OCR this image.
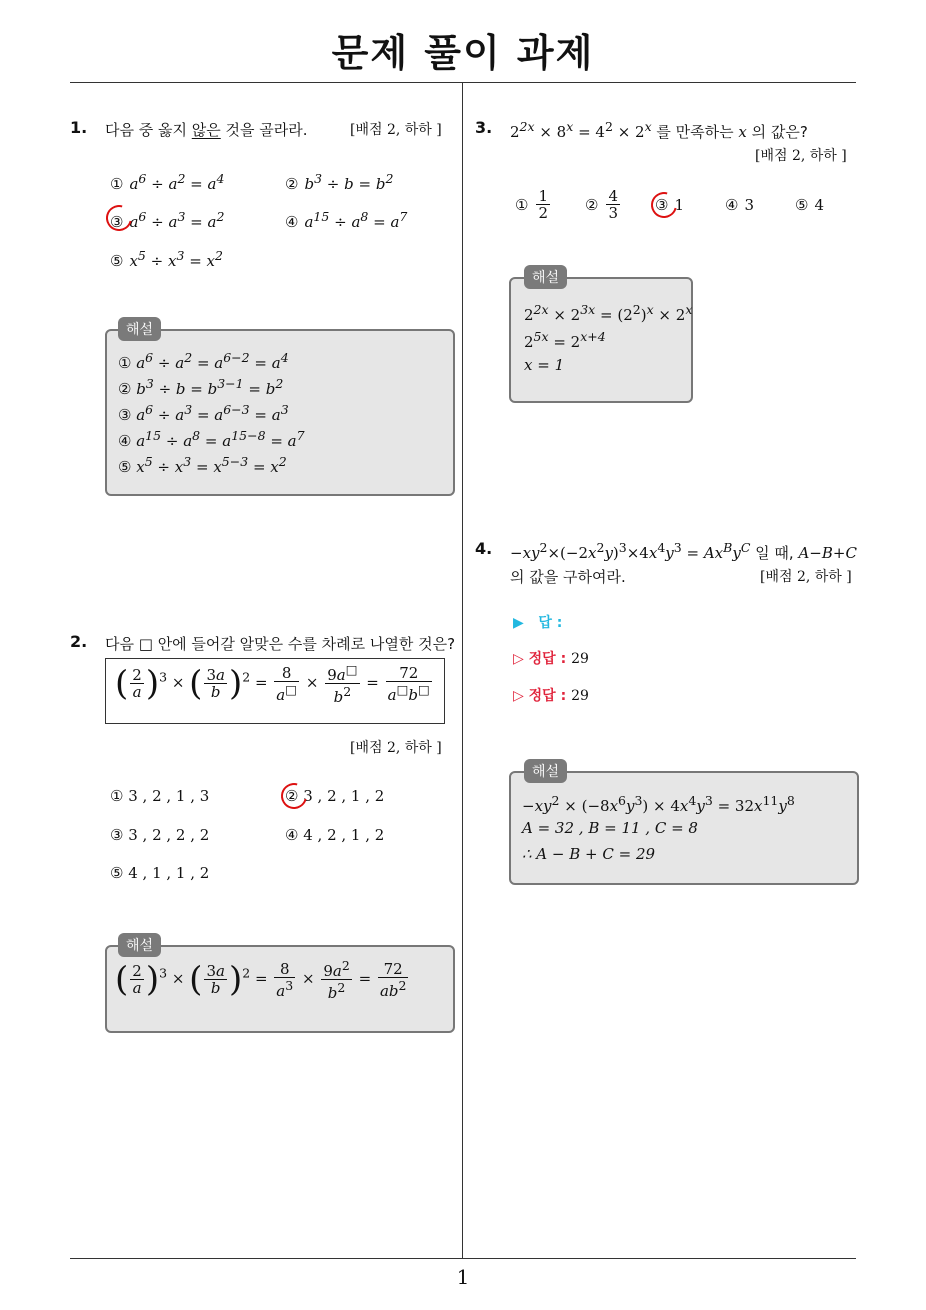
문제 풀이 과제
1
1. 다음 중 옳지 않은 것을 골라라.	[배점 2, 하하 ]
① $a^6 \div a^2 = a^4$	② $b^3 \div b = b^2$
③ $a^6 \div a^3 = a^2$	④ $a^{15} \div a^8 = a^7$
⑤ $x^5 \div x^3 = x^2$
해설
① $a^6 \div a^2 = a^{6-2} = a^4$
② $b^3 \div b = b^{3-1} = b^2$
③ $a^6 \div a^3 = a^{6-3} = a^3$
④ $a^{15} \div a^8 = a^{15-8} = a^7$
⑤ $x^5 \div x^3 = x^{5-3} = x^2$
2. 다음 □ 안에 들어갈 알맞은 수를 차례로 나열한 것은?
( $\frac{2}{a} )^3$ × ( $\frac{3a}{b} )^2 = \frac{8}{a^□} \times \frac{9a^□}{b^2} = \frac{72}{a^□b^□}$
[배점 2, 하하 ]
① 3 , 2 , 1 , 3	② 3 , 2 , 1 , 2
③ 3 , 2 , 2 , 2	④ 4 , 2 , 1 , 2
⑤ 4 , 1 , 1 , 2
해설
( $\frac{2}{a} )^3$ × ( $\frac{3a}{b} )^2 = \frac{8}{a^3} \times \frac{9a^2}{b^2} = \frac{72}{ab^2}$
3. $2^{2x} \times 8^x = 4^2 \times 2^x$ 를 만족하는 x 의 값은?
[배점 2, 하하 ]
① $\frac{1}{2}$ ② $\frac{4}{3}$ ③ 1	④ 3	⑤ 4
해설
$2^{2x} \times 2^{3x} = (2^2)^x \times 2^x$
$2^{5x} = 2^{x+4}$
x = 1
4. $-xy^2\times(-2x^2y)^3\times 4x^4y^3 = Ax^By^C$ 일 때, A−B+C
의 값을 구하여라.	[배점 2, 하하 ]
▶ 답 :
▷ 정답 : 29
▷ 정답 : 29
해설
$-xy^2 \times (-8x^6y^3) \times 4x^4y^3 = 32x^{11}y^8$
A = 32 , B = 11 , C = 8
∴ A − B + C = 29
